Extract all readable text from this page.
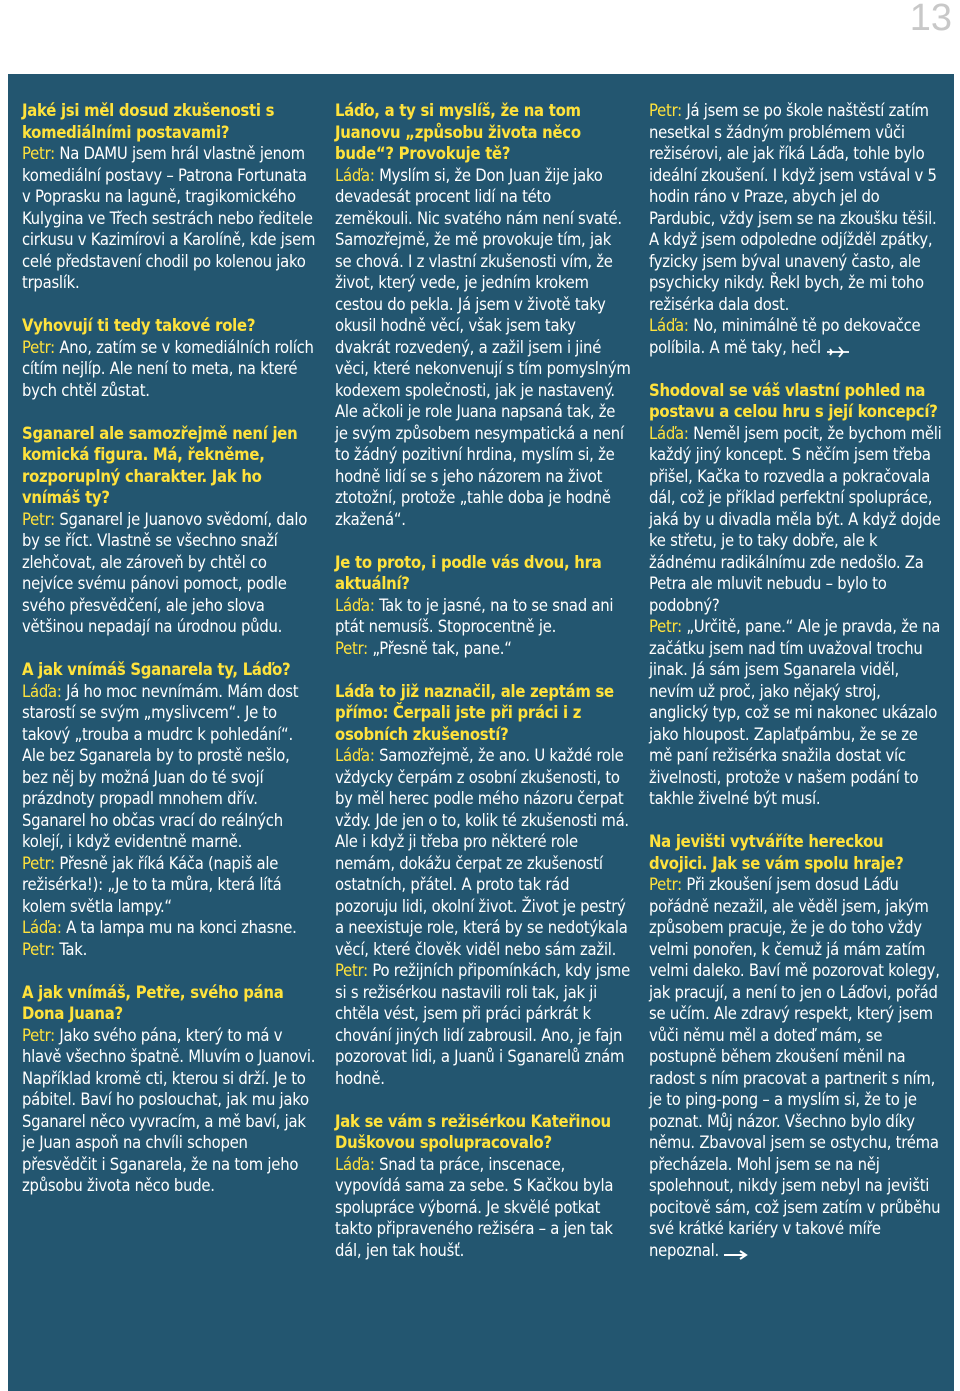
13

Jaké jsi měl dosud zkušenosti s komediálními postavami?

Petr: Na DAMU jsem hrál vlastně jenom komediální postavy – Patrona Fortunata v Poprasku na laguně, tragikomického Kulygina ve Třech sestrách nebo ředitele cirkusu v Kazimírovi a Karolíně, kde jsem celé představení chodil po kolenou jako trpaslík.

Vyhovují ti tedy takové role?

Petr: Ano, zatím se v komediálních rolích cítím nejlíp. Ale není to meta, na které bych chtěl zůstat.

Sganarel ale samozřejmě není jen komická figura. Má, řekněme, rozporuplný charakter. Jak ho vnímáš ty?

Petr: Sganarel je Juanovo svědomí, dalo by se říct. Vlastně se všechno snaží zlehčovat, ale zároveň by chtěl co nejvíce svému pánovi pomoct, podle svého přesvědčení, ale jeho slova většinou nepadají na úrodnou půdu.

A jak vnímáš Sganarela ty, Láďo?

Láďa: Já ho moc nevnímám. Mám dost starostí se svým „myslivcem“. Je to takový „trouba a mudrc k pohledání“. Ale bez Sganarela by to prostě nešlo, bez něj by možná Juan do té svojí prázdnoty propadl mnohem dřív. Sganarel ho občas vrací do reálných kolejí, i když evidentně marně.

Petr: Přesně jak říká Káča (napiš ale režisérka!): „Je to ta můra, která lítá kolem světla lampy.“

Láďa: A ta lampa mu na konci zhasne.

Petr: Tak.

A jak vnímáš, Petře, svého pána Dona Juana?

Petr: Jako svého pána, který to má v hlavě všechno špatně. Mluvím o Juanovi. Například kromě cti, kterou si drží. Je to pábitel. Baví ho poslouchat, jak mu jako Sganarel něco vyvracím, a mě baví, jak je Juan aspoň na chvíli schopen přesvědčit i Sganarela, že na tom jeho způsobu života něco bude.

Láďo, a ty si myslíš, že na tom Juanovu „způsobu života něco bude“? Provokuje tě?

Láďa: Myslím si, že Don Juan žije jako devadesát procent lidí na této zeměkouli. Nic svatého nám není svaté. Samozřejmě, že mě provokuje tím, jak se chová. I z vlastní zkušenosti vím, že život, který vede, je jedním krokem cestou do pekla. Já jsem v životě taky okusil hodně věcí, však jsem taky dvakrát rozvedený, a zažil jsem i jiné věci, které nekonvenují s tím pomyslným kodexem společnosti, jak je nastavený. Ale ačkoli je role Juana napsaná tak, že je svým způsobem nesympatická a není to žádný pozitivní hrdina, myslím si, že hodně lidí se s jeho názorem na život ztotožní, protože „tahle doba je hodně zkažená“.

Je to proto, i podle vás dvou, hra aktuální?

Láďa: Tak to je jasné, na to se snad ani ptát nemusíš. Stoprocentně je.

Petr: „Přesně tak, pane.“

Láďa to již naznačil, ale zeptám se přímo: Čerpali jste při práci i z osobních zkušeností?

Láďa: Samozřejmě, že ano. U každé role vždycky čerpám z osobní zkušenosti, to by měl herec podle mého názoru čerpat vždy. Jde jen o to, kolik té zkušenosti má. Ale i když ji třeba pro některé role nemám, dokážu čerpat ze zkušeností ostatních, přátel. A proto tak rád pozoruju lidi, okolní život. Život je pestrý a neexistuje role, která by se nedotýkala věcí, které člověk viděl nebo sám zažil.

Petr: Po režijních připomínkách, kdy jsme si s režisérkou nastavili roli tak, jak ji chtěla vést, jsem při práci párkrát k chování jiných lidí zabrousil. Ano, je fajn pozorovat lidi, a Juanů i Sganarelů znám hodně.

Jak se vám s režisérkou Kateřinou Duškovou spolupracovalo?

Láďa: Snad ta práce, inscenace, vypovídá sama za sebe. S Kačkou byla spolupráce výborná. Je skvělé potkat takto připraveného režiséra – a jen tak dál, jen tak houšť.

Petr: Já jsem se po škole naštěstí zatím nesetkal s žádným problémem vůči režisérovi, ale jak říká Láďa, tohle bylo ideální zkoušení. I když jsem vstával v 5 hodin ráno v Praze, abych jel do Pardubic, vždy jsem se na zkoušku těšil. A když jsem odpoledne odjížděl zpátky, fyzicky jsem býval unavený často, ale psychicky nikdy. Řekl bych, že mi toho režisérka dala dost.

Láďa: No, minimálně tě po dekovačce políbila. A mě taky, hečl

Shodoval se váš vlastní pohled na postavu a celou hru s její koncepcí?

Láďa: Neměl jsem pocit, že bychom měli každý jiný koncept. S něčím jsem třeba přišel, Kačka to rozvedla a pokračovala dál, což je příklad perfektní spolupráce, jaká by u divadla měla být. A když dojde ke střetu, je to taky dobře, ale k žádnému radikálnímu zde nedošlo. Za Petra ale mluvit nebudu – bylo to podobný?

Petr: „Určitě, pane.“ Ale je pravda, že na začátku jsem nad tím uvažoval trochu jinak. Já sám jsem Sganarela viděl, nevím už proč, jako nějaký stroj, anglický typ, což se mi nakonec ukázalo jako hloupost. Zaplaťpámbu, že se ze mě paní režisérka snažila dostat víc živelnosti, protože v našem podání to takhle živelné být musí.

Na jevišti vytváříte hereckou dvojici. Jak se vám spolu hraje?

Petr: Při zkoušení jsem dosud Láďu pořádně nezažil, ale věděl jsem, jakým způsobem pracuje, že je do toho vždy velmi ponořen, k čemuž já mám zatím velmi daleko. Baví mě pozorovat kolegy, jak pracují, a není to jen o Láďovi, pořád se učím. Ale zdravý respekt, který jsem vůči němu měl a doteď mám, se postupně během zkoušení měnil na radost s ním pracovat a partnerit s ním, je to ping-pong – a myslím si, že to je poznat. Můj názor. Všechno bylo díky němu. Zbavoval jsem se ostychu, tréma přecházela. Mohl jsem se na něj spolehnout, nikdy jsem nebyl na jevišti pocitově sám, což jsem zatím v průběhu své krátké kariéry v takové míře nepoznal.
